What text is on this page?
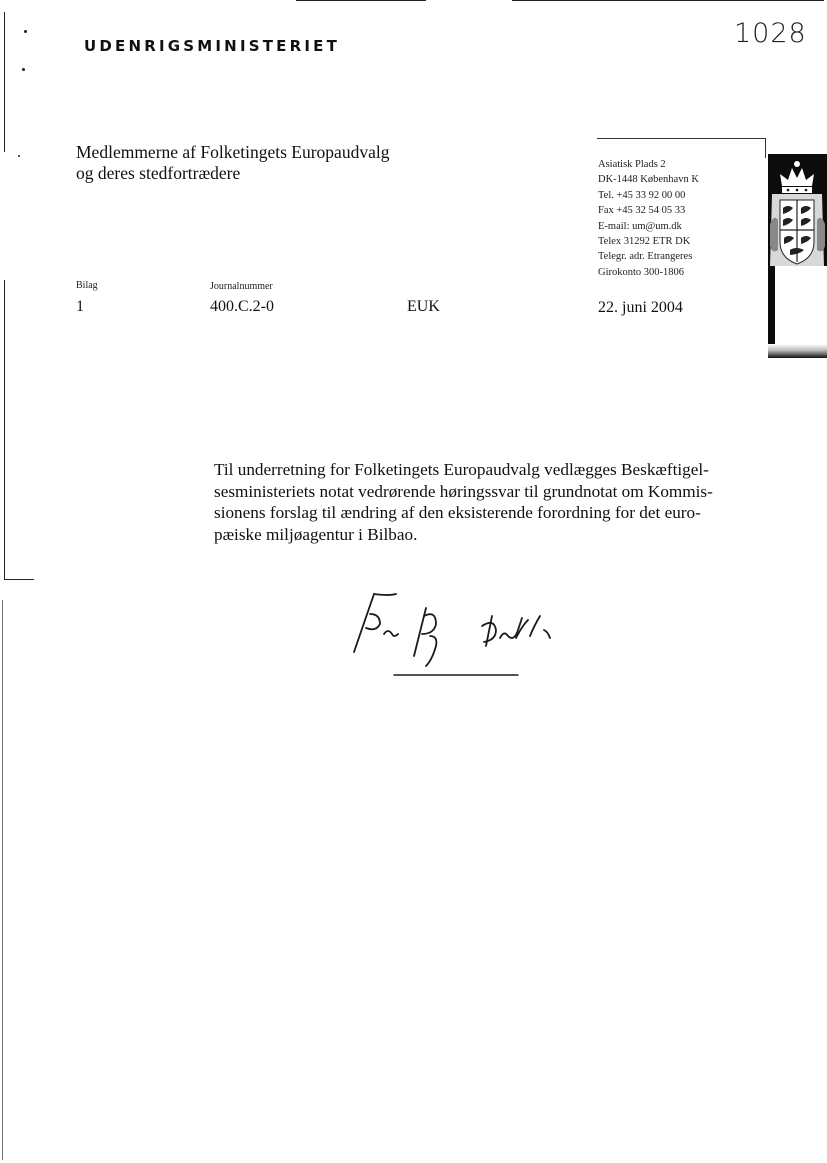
UDENRIGSMINISTERIET	1028
Medlemmerne af Folketingets Europaudvalg
og deres stedfortrædere	Asiatisk Plads 2
DK-1448 København K
Tel. +45 33 92 00 00
Fax +45 32 54 05 33
E-mail: um@um.dk
Telex 31292 ETR DK
Telegr. adr. Etrangeres
Girokonto 300-1806
Bilag
1
Journalnummer
400.C.2-0	EUK	22. juni 2004
Til underretning for Folketingets Europaudvalg vedlægges Beskæftigel-
sesministeriets notat vedrørende høringssvar til grundnotat om Kommis-
sionens forslag til ændring af den eksisterende forordning for det euro-
pæiske miljøagentur i Bilbao.
